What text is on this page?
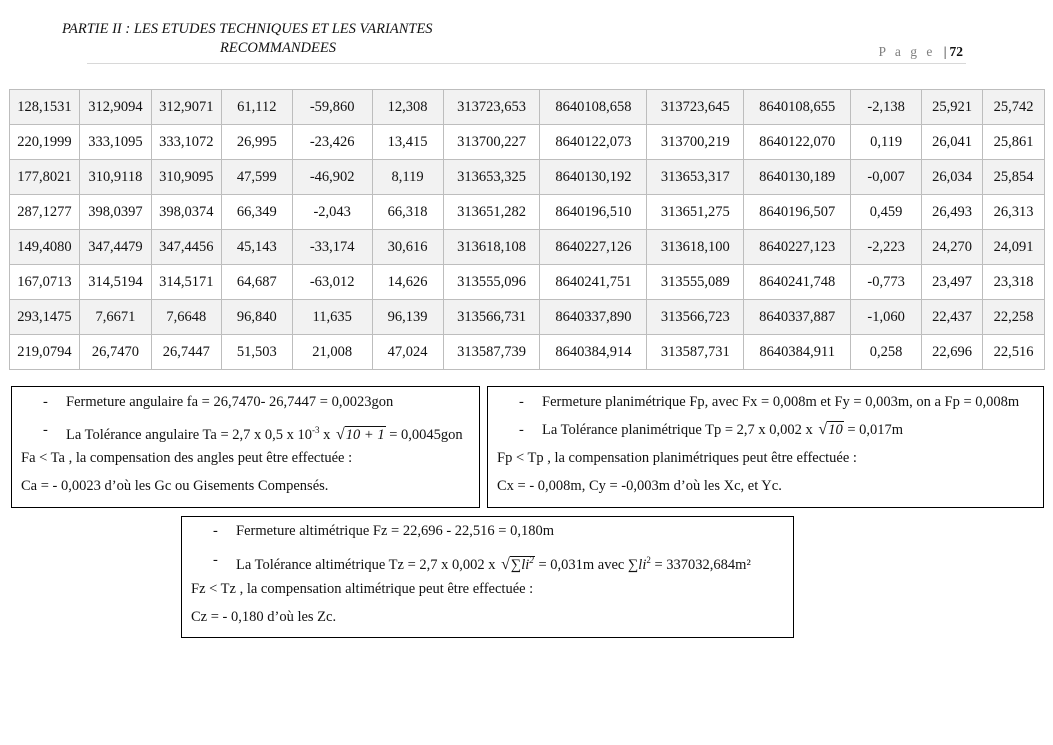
PARTIE II : LES ETUDES TECHNIQUES ET LES VARIANTES
RECOMMANDEES	P a g e | 72
128,1531	312,9094	312,9071	61,112	-59,860	12,308	313723,653	8640108,658	313723,645	8640108,655	-2,138	25,921	25,742
220,1999	333,1095	333,1072	26,995	-23,426	13,415	313700,227	8640122,073	313700,219	8640122,070	0,119	26,041	25,861
177,8021	310,9118	310,9095	47,599	-46,902	8,119	313653,325	8640130,192	313653,317	8640130,189	-0,007	26,034	25,854
287,1277	398,0397	398,0374	66,349	-2,043	66,318	313651,282	8640196,510	313651,275	8640196,507	0,459	26,493	26,313
149,4080	347,4479	347,4456	45,143	-33,174	30,616	313618,108	8640227,126	313618,100	8640227,123	-2,223	24,270	24,091
167,0713	314,5194	314,5171	64,687	-63,012	14,626	313555,096	8640241,751	313555,089	8640241,748	-0,773	23,497	23,318
293,1475	7,6671	7,6648	96,840	11,635	96,139	313566,731	8640337,890	313566,723	8640337,887	-1,060	22,437	22,258
219,0794	26,7470	26,7447	51,503	21,008	47,024	313587,739	8640384,914	313587,731	8640384,911	0,258	22,696	22,516
- Fermeture angulaire fa = 26,7470- 26,7447 = 0,0023gon
- La Tolérance angulaire Ta = 2,7 x 0,5 x $10^{-3}$ x √10 + 1 = 0,0045gon
Fa < Ta , la compensation des angles peut être effectuée :
Ca = - 0,0023 d’où les Gc ou Gisements Compensés.
- Fermeture planimétrique Fp, avec Fx = 0,008m et Fy = 0,003m, on a Fp = 0,008m
- La Tolérance planimétrique Tp = 2,7 x 0,002 x √10 = 0,017m
Fp < Tp , la compensation planimétriques peut être effectuée :
Cx = - 0,008m, Cy = -0,003m d’où les Xc, et Yc.
- Fermeture altimétrique Fz = 22,696 - 22,516 = 0,180m
- La Tolérance altimétrique Tz = 2,7 x 0,002 x $√\sum li^2 = 0,031m$ avec $\sum li^2 = 337032,684m^2$
Fz < Tz , la compensation altimétrique peut être effectuée :
Cz = - 0,180 d’où les Zc.
